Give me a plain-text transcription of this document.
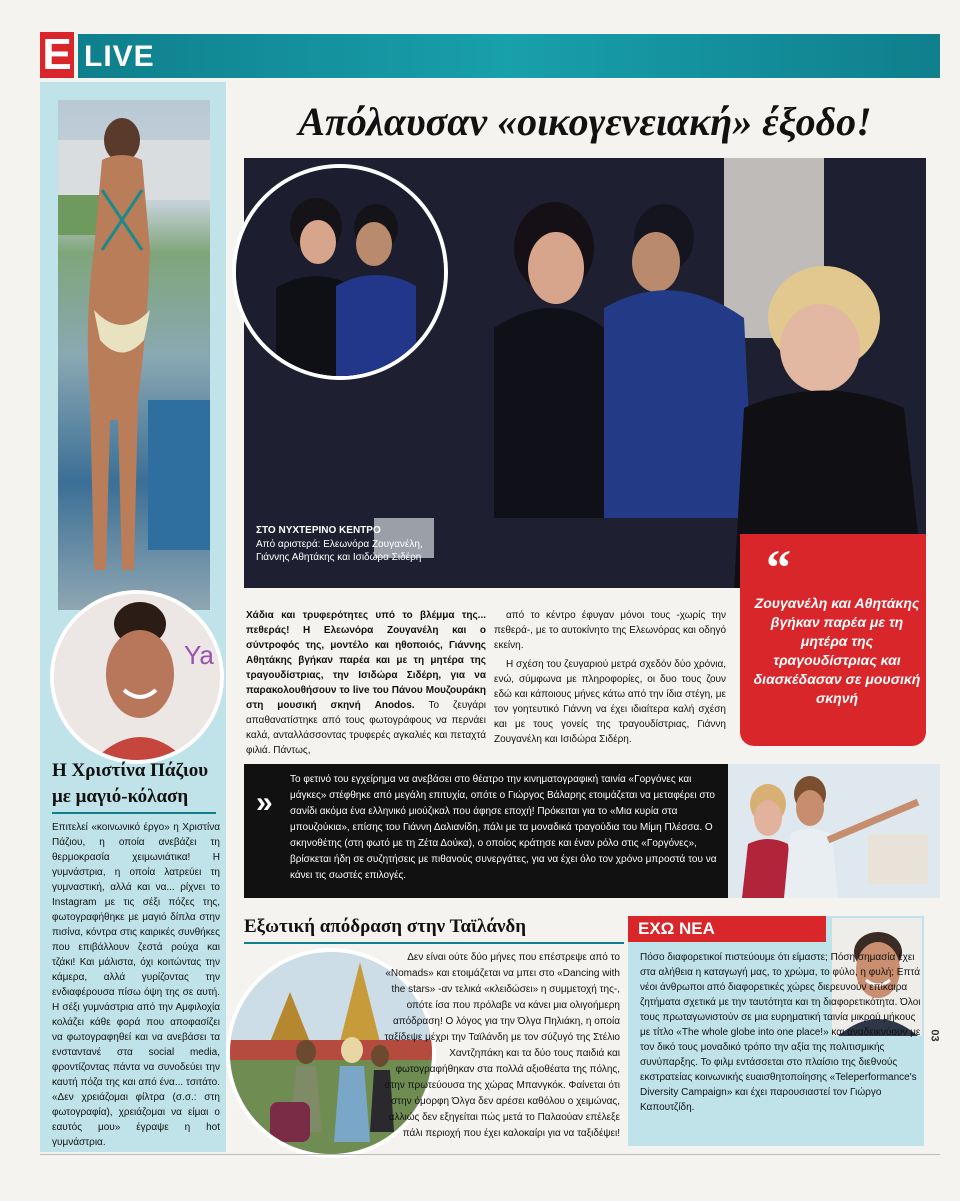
E LIVE
Ya
Η Χριστίνα Πάζιου με μαγιό-κόλαση
Επιτελεί «κοινωνικό έργο» η Χριστίνα Πάζιου, η οποία ανεβάζει τη θερμοκρασία χειμωνιάτικα! Η γυμνάστρια, η οποία λατρεύει τη γυμναστική, αλλά και να... ρίχνει το Instagram με τις σέξι πόζες της, φωτογραφήθηκε με μαγιό δίπλα στην πισίνα, κόντρα στις καιρικές συνθήκες που επιβάλλουν ζεστά ρούχα και τζάκι! Και μάλιστα, όχι κοιτώντας την κάμερα, αλλά γυρίζοντας την ενδιαφέρουσα πίσω όψη της σε αυτή. Η σέξι γυμνάστρια από την Αμφιλοχία κολάζει κάθε φορά που αποφασίζει να φωτογραφηθεί και να ανεβάσει τα ενσταντανέ στα social media, φροντίζοντας πάντα να συνοδεύει την καυτή πόζα της και από ένα... τσιτάτο. «Δεν χρειάζομαι φίλτρα (σ.σ.: στη φωτογραφία), χρειάζομαι να είμαι ο εαυτός μου» έγραψε η hot γυμνάστρια.
Απόλαυσαν «οικογενειακή» έξοδο!
ΣΤΟ ΝΥΧΤΕΡΙΝΟ ΚΕΝΤΡΟ
Από αριστερά: Ελεωνόρα Ζουγανέλη, Γιάννης Αθητάκης και Ισιδώρα Σιδέρη	“
Ζουγανέλη και Αθητάκης βγήκαν παρέα με τη μητέρα της τραγουδίστριας και διασκέδασαν σε μουσική σκηνή
Χάδια και τρυφερότητες υπό το βλέμμα της... πεθεράς! Η Ελεωνόρα Ζουγανέλη και ο σύντροφός της, μοντέλο και ηθοποιός, Γιάννης Αθητάκης βγήκαν παρέα και με τη μητέρα της τραγουδίστριας, την Ισιδώρα Σιδέρη, για να παρακολουθήσουν το live του Πάνου Μουζουράκη στη μουσική σκηνή Anodos. Το ζευγάρι απαθανατίστηκε από τους φωτογράφους να περνάει καλά, ανταλλάσσοντας τρυφερές αγκαλιές και πεταχτά φιλιά. Πάντως,

από το κέντρο έφυγαν μόνοι τους -χωρίς την πεθερά-, με το αυτοκίνητο της Ελεωνόρας και οδηγό εκείνη.

Η σχέση του ζευγαριού μετρά σχεδόν δύο χρόνια, ενώ, σύμφωνα με πληροφορίες, οι δυο τους ζουν εδώ και κάποιους μήνες κάτω από την ίδια στέγη, με τον γοητευτικό Γιάννη να έχει ιδιαίτερα καλή σχέση και με τους γονείς της τραγουδίστριας, Γιάννη Ζουγανέλη και Ισιδώρα Σιδέρη.

»
Το φετινό του εγχείρημα να ανεβάσει στο θέατρο την κινηματογραφική ταινία «Γοργόνες και μάγκες» στέφθηκε από μεγάλη επιτυχία, οπότε ο Γιώργος Βάλαρης ετοιμάζεται να μεταφέρει στο σανίδι ακόμα ένα ελληνικό μιούζικαλ που άφησε εποχή! Πρόκειται για το «Μια κυρία στα μπουζούκια», επίσης του Γιάννη Δαλιανίδη, πάλι με τα μοναδικά τραγούδια του Μίμη Πλέσσα. Ο σκηνοθέτης (στη φωτό με τη Ζέτα Δούκα), ο οποίος κράτησε και έναν ρόλο στις «Γοργόνες», βρίσκεται ήδη σε συζητήσεις με πιθανούς συνεργάτες, για να έχει όλο τον χρόνο μπροστά του να κάνει τις σωστές επιλογές.
Εξωτική απόδραση στην Ταϊλάνδη
Δεν είναι ούτε δύο μήνες που επέστρεψε από το «Nomads» και ετοιμάζεται να μπει στο «Dancing with the stars» -αν τελικά «κλειδώσει» η συμμετοχή της-, οπότε ίσα που πρόλαβε να κάνει μια ολιγοήμερη απόδραση! Ο λόγος για την Όλγα Πηλιάκη, η οποία ταξίδεψε μέχρι την Ταϊλάνδη με τον σύζυγό της Στέλιο Χαντζηπάκη και τα δύο τους παιδιά και φωτογραφήθηκαν στα πολλά αξιοθέατα της πόλης, στην πρωτεύουσα της χώρας Μπανγκόκ. Φαίνεται ότι στην όμορφη Όλγα δεν αρέσει καθόλου ο χειμώνας, αλλιώς δεν εξηγείται πώς μετά το Παλαούαν επέλεξε πάλι περιοχή που έχει καλοκαίρι για να ταξιδέψει!
ΕΧΩ ΝΕΑ
Πόσο διαφορετικοί πιστεύουμε ότι είμαστε; Πόση σημασία έχει στα αλήθεια η καταγωγή μας, το χρώμα, το φύλο, η φυλή; Επτά νέοι άνθρωποι από διαφορετικές χώρες διερευνούν επίκαιρα ζητήματα σχετικά με την ταυτότητα και τη διαφορετικότητα. Όλοι τους πρωταγωνιστούν σε μια ευρηματική ταινία μικρού μήκους με τίτλο «The whole globe into one place!» και αναδεικνύουν με τον δικό τους μοναδικό τρόπο την αξία της πολιτισμικής συνύπαρξης. Το φιλμ εντάσσεται στο πλαίσιο της διεθνούς εκστρατείας κοινωνικής ευαισθητοποίησης «Teleperformance's Diversity Campaign» και έχει παρουσιαστεί τον Γιώργο Καπουτζίδη.
03
